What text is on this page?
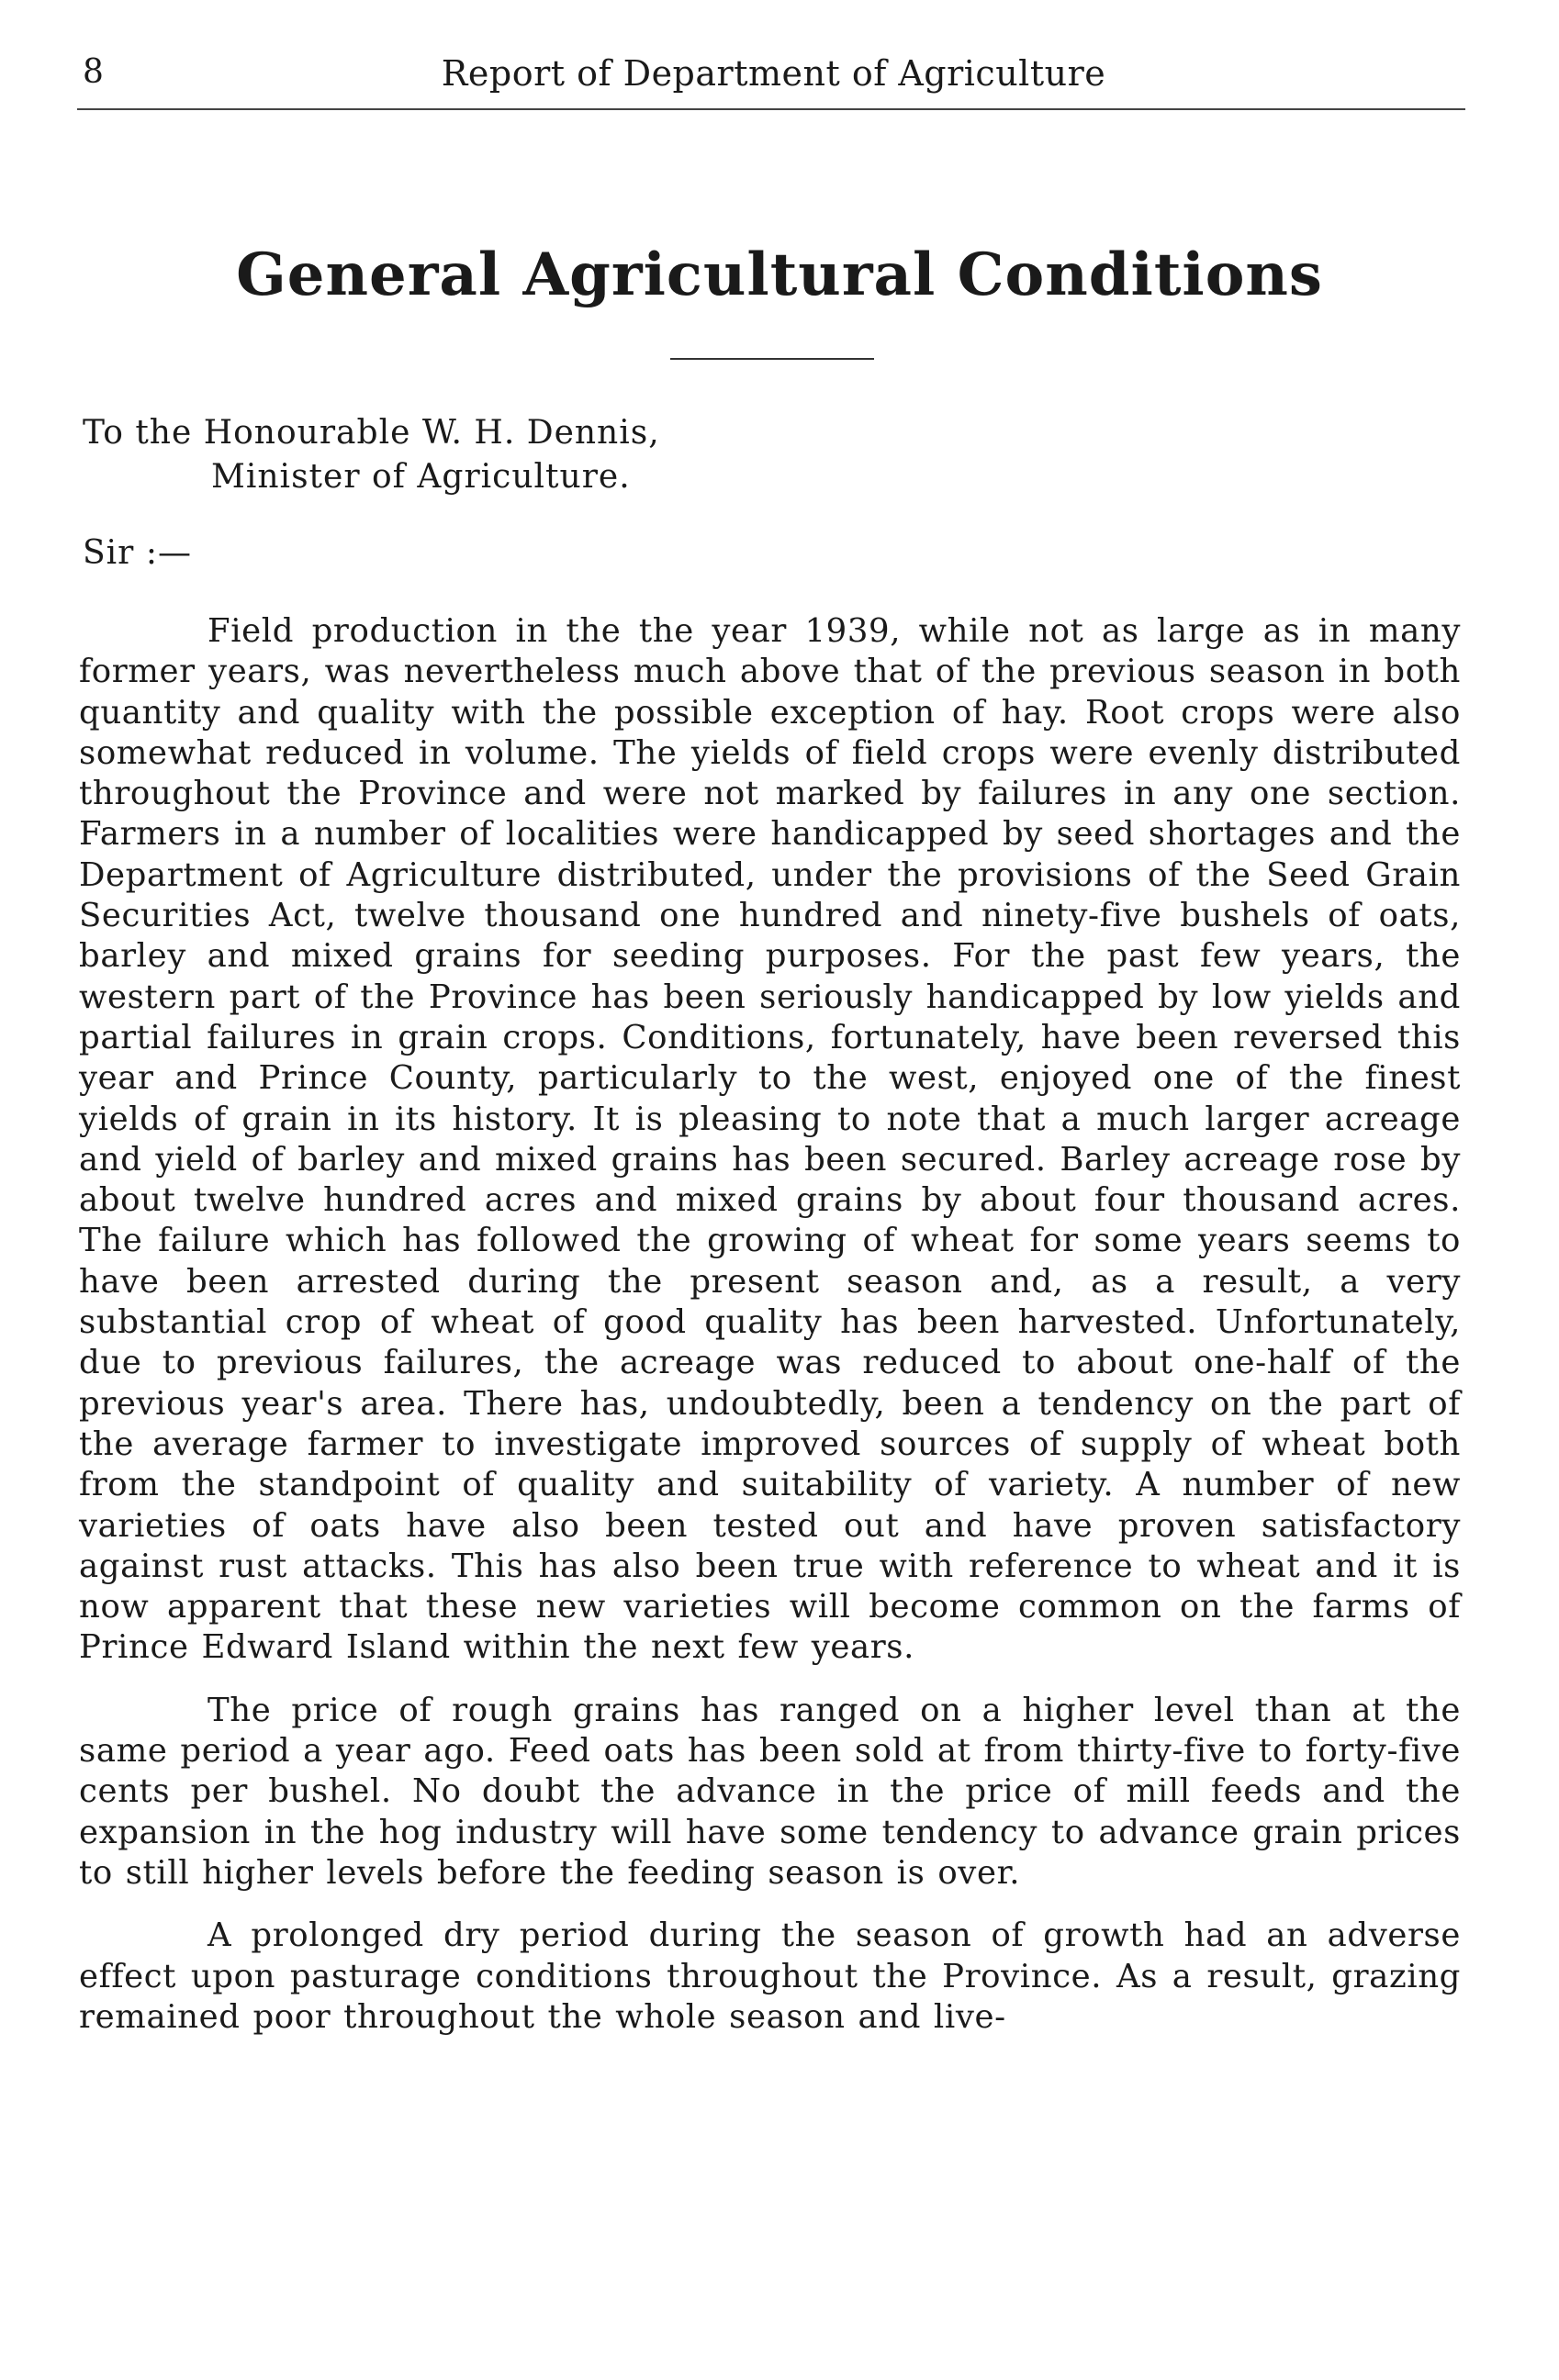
8	Report of Department of Agriculture
General Agricultural Conditions
To the Honourable W. H. Dennis,
Minister of Agriculture.
Sir :—

Field production in the the year 1939, while not as large as in many former years, was nevertheless much above that of the previous season in both quantity and quality with the possible exception of hay. Root crops were also somewhat reduced in volume. The yields of field crops were evenly distributed throughout the Province and were not marked by failures in any one section. Farmers in a number of localities were handicapped by seed shortages and the Department of Agriculture distributed, under the provisions of the Seed Grain Securities Act, twelve thousand one hundred and ninety-five bushels of oats, barley and mixed grains for seeding purposes. For the past few years, the western part of the Province has been seriously handicapped by low yields and partial failures in grain crops. Conditions, fortunately, have been reversed this year and Prince County, particularly to the west, enjoyed one of the finest yields of grain in its history. It is pleasing to note that a much larger acreage and yield of barley and mixed grains has been secured. Barley acreage rose by about twelve hundred acres and mixed grains by about four thousand acres. The failure which has followed the growing of wheat for some years seems to have been arrested during the present season and, as a result, a very substantial crop of wheat of good quality has been harvested. Unfortunately, due to previous failures, the acreage was reduced to about one-half of the previous year's area. There has, undoubtedly, been a tendency on the part of the average farmer to investigate improved sources of supply of wheat both from the standpoint of quality and suitability of variety. A number of new varieties of oats have also been tested out and have proven satisfactory against rust attacks. This has also been true with reference to wheat and it is now apparent that these new varieties will become common on the farms of Prince Edward Island within the next few years.

The price of rough grains has ranged on a higher level than at the same period a year ago. Feed oats has been sold at from thirty-five to forty-five cents per bushel. No doubt the advance in the price of mill feeds and the expansion in the hog industry will have some tendency to advance grain prices to still higher levels before the feeding season is over.

A prolonged dry period during the season of growth had an adverse effect upon pasturage conditions throughout the Province. As a result, grazing remained poor throughout the whole season and live-
